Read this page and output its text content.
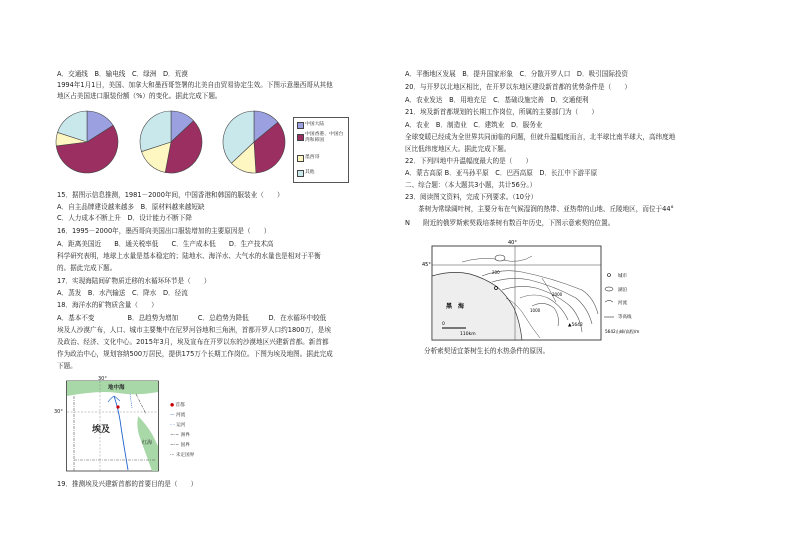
A．交通线　B．输电线　C．绿洲　D．荒漠
1994年1月1日，美国、加拿大和墨西哥签署的北美自由贸易协定生效。下图示意墨西哥从其他
地区占美国进口服装份额（%）的变化。据此完成下题。
中国大陆
中国香港、中国台湾和韩国
墨西哥
其他
15．据图示信息推测，1981－2000年间，中国香港和韩国的服装业（　　）
A．自主品牌建设越来越多　B．原材料越来越短缺
C．人力成本不断上升　D．设计能力不断下降
16．1995－2000年，墨西哥向美国出口服装增加的主要原因是（　　）
A．距离美国近　　B．通关税率低　　C．生产成本低　　D．生产技术高
科学研究表明，地球上水量是基本稳定的；陆地水、海洋水、大气水的水量也是相对于平衡
的。据此完成下题。
17．实现海陆间矿物质迁移的水循环环节是（　　）
A．蒸发　B．水汽输送　C．降水　D．径流
18．海洋水的矿物质含量（　　）
A．基本不变　　　　　B．总趋势为增加　　　C．总趋势为降低　　　D．在水循环中较低
埃及人沙漠广布，人口、城市主要集中在尼罗河谷地和三角洲，首都开罗人口约1800万，是埃
及政治、经济、文化中心。2015年3月，埃及宣布在开罗以东的沙漠地区兴建新首都。新首都
作为政治中心，规划容纳500万居民，提供175万个长期工作岗位。下图为埃及地图。据此完成
下题。
30°
30°
地中海
红海
埃及
● 首都
— 河流
- - 运河
−·− 洲界
−·− 国界
··· 未定国界
19．推测埃及兴建新首都的首要目的是（　　）
A．平衡地区发展　B．提升国家形象　C．分散开罗人口　D．吸引国际投资
20．与开罗以北地区相比，在开罗以东地区建设新首都的优势条件是（　　）
A．农业发达　B．用地充足　C．基础设施完善　D．交通便利
21．埃及新首都规划的长期工作岗位，所属的主要部门为（　　）
A．农业　B．制造业　C．建筑业　D．服务业
全球变暖已经成为全世界共同面临的问题，但就升温幅度而言，北半球比南半球大，高纬度地
区比低纬度地区大。据此完成下题。
22．下列四地中升温幅度最大的是（　　）
A．蒙古高原 B．亚马孙平原　C．巴西高原　D．长江中下游平原
二、综合题：（本大题共3小题，共计56分。）
23．阅读图文资料，完成下列要求。（10分）
　　茶树为常绿阔叶树，主要分布在气候湿润的热带、亚热带的山地、丘陵地区，而位于44°
N　　附近的俄罗斯索契栽培茶树有数百年历史，下图示意索契的位置。
0
110km
40°
45°
黑　海
▲5642
200
2000
1000
城市
湖泊
河流
等高线
5642山峰/高程/m
分析索契适宜茶树生长的水热条件的原因。
